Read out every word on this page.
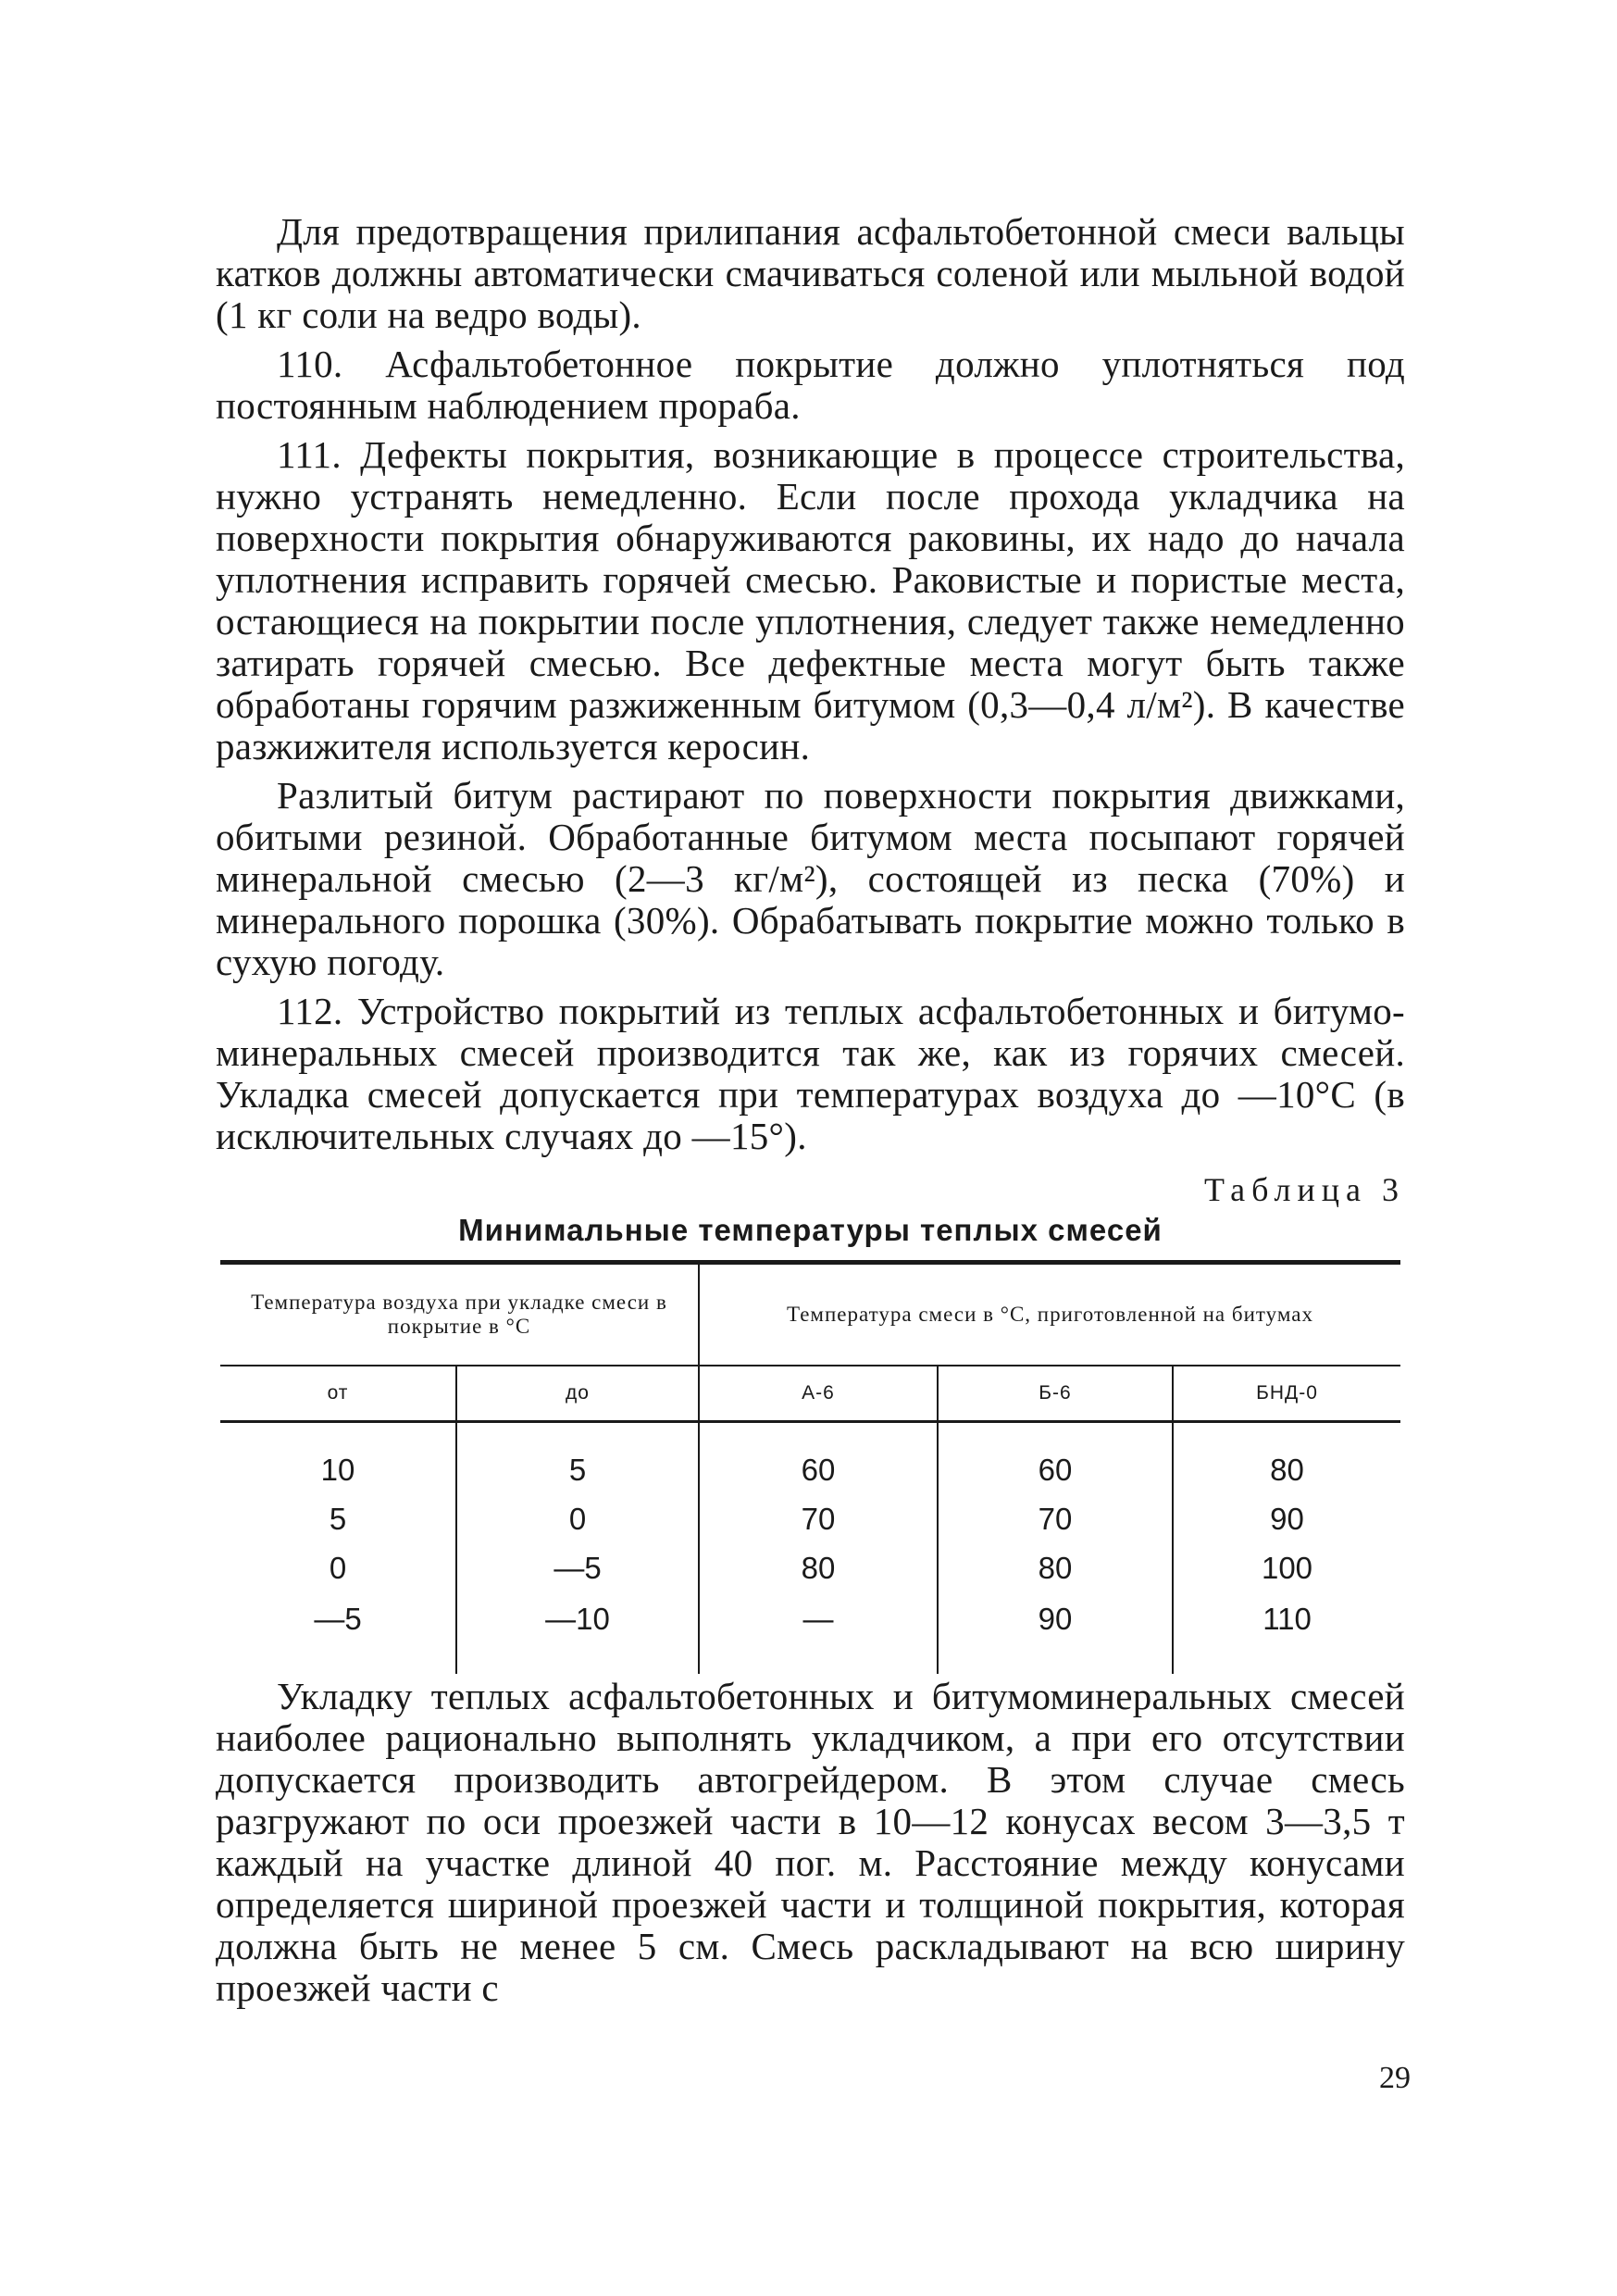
Для предотвращения прилипания асфальтобетонной смеси вальцы катков должны автоматически смачиваться соленой или мыльной водой (1 кг соли на ведро воды).

110. Асфальтобетонное покрытие должно уплотняться под постоянным наблюдением прораба.

111. Дефекты покрытия, возникающие в процессе строительства, нужно устранять немедленно. Если после прохода укладчика на поверхности покрытия обнаруживаются раковины, их надо до начала уплотнения исправить горячей смесью. Раковистые и пористые места, остающиеся на покрытии после уплотнения, следует также немедленно затирать горячей смесью. Все дефектные места могут быть также обработаны горячим разжиженным битумом (0,3—0,4 л/м²). В качестве разжижителя используется керосин.

Разлитый битум растирают по поверхности покрытия движками, обитыми резиной. Обработанные битумом места посыпают горячей минеральной смесью (2—3 кг/м²), состоящей из песка (70%) и минерального порошка (30%). Обрабатывать покрытие можно только в сухую погоду.

112. Устройство покрытий из теплых асфальтобетонных и битумо-минеральных смесей производится так же, как из горячих смесей. Укладка смесей допускается при температурах воздуха до —10°С (в исключительных случаях до —15°).

Таблица 3
Минимальные температуры теплых смесей
Температура воздуха при укладке смеси в покрытие в °С		Температура смеси в °С, приготовленной на битумах		
от	до	А-6	Б-6	БНД-0
10	5	60	60	80
5	0	70	70	90
0	—5	80	80	100
—5	—10	—	90	110

Укладку теплых асфальтобетонных и битумоминеральных смесей наиболее рационально выполнять укладчиком, а при его отсутствии допускается производить автогрейдером. В этом случае смесь разгружают по оси проезжей части в 10—12 конусах весом 3—3,5 т каждый на участке длиной 40 пог. м. Расстояние между конусами определяется шириной проезжей части и толщиной покрытия, которая должна быть не менее 5 см. Смесь раскладывают на всю ширину проезжей части с

29
